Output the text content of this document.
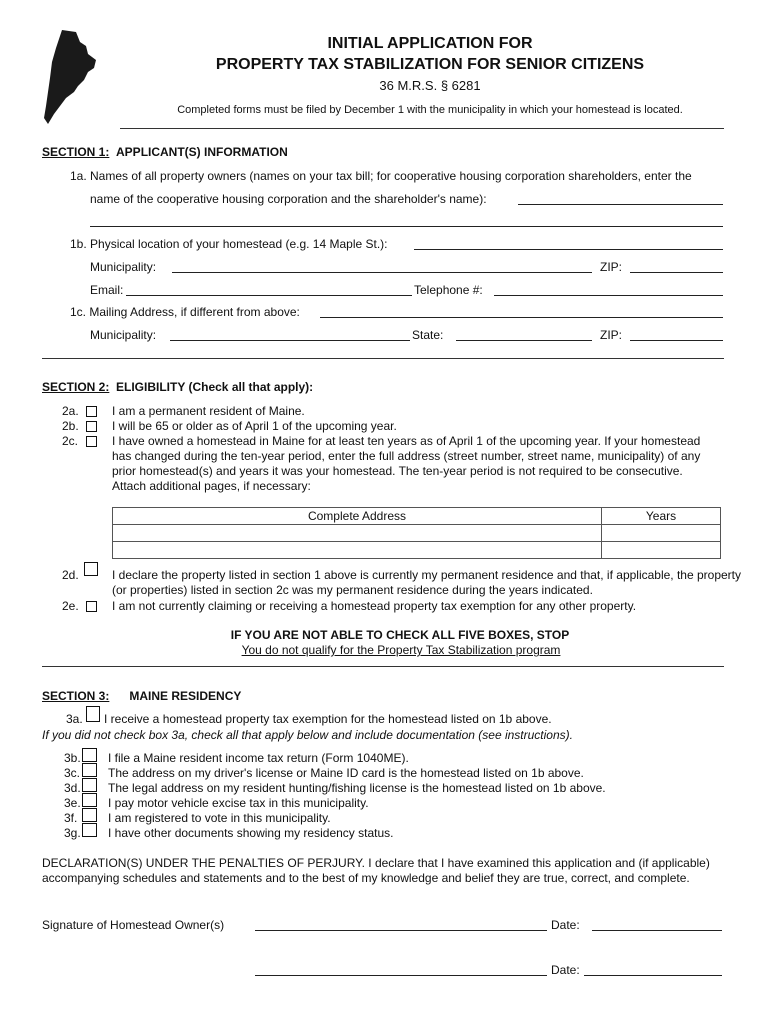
INITIAL APPLICATION FOR
PROPERTY TAX STABILIZATION FOR SENIOR CITIZENS
36 M.R.S. § 6281
Completed forms must be filed by December 1 with the municipality in which your homestead is located.
SECTION 1: APPLICANT(S) INFORMATION
1a. Names of all property owners (names on your tax bill; for cooperative housing corporation shareholders, enter the
name of the cooperative housing corporation and the shareholder's name):
1b. Physical location of your homestead (e.g. 14 Maple St.):
Municipality:	ZIP:
Email:	Telephone #:
1c. Mailing Address, if different from above:
Municipality:	State:	ZIP:
SECTION 2: ELIGIBILITY (Check all that apply):
2a.	I am a permanent resident of Maine.
2b.	I will be 65 or older as of April 1 of the upcoming year.
2c.	I have owned a homestead in Maine for at least ten years as of April 1 of the upcoming year. If your homestead has changed during the ten-year period, enter the full address (street number, street name, municipality) of any prior homestead(s) and years it was your homestead. The ten-year period is not required to be consecutive. Attach additional pages, if necessary:
Complete Address	Years

2d.	I declare the property listed in section 1 above is currently my permanent residence and that, if applicable, the property (or properties) listed in section 2c was my permanent residence during the years indicated.
2e.	I am not currently claiming or receiving a homestead property tax exemption for any other property.
IF YOU ARE NOT ABLE TO CHECK ALL FIVE BOXES, STOP
You do not qualify for the Property Tax Stabilization program
SECTION 3: MAINE RESIDENCY
3a. I receive a homestead property tax exemption for the homestead listed on 1b above.
If you did not check box 3a, check all that apply below and include documentation (see instructions).
3b. I file a Maine resident income tax return (Form 1040ME).
3c. The address on my driver's license or Maine ID card is the homestead listed on 1b above.
3d. The legal address on my resident hunting/fishing license is the homestead listed on 1b above.
3e. I pay motor vehicle excise tax in this municipality.
3f.	I am registered to vote in this municipality.
3g. I have other documents showing my residency status.
DECLARATION(S) UNDER THE PENALTIES OF PERJURY. I declare that I have examined this application and (if applicable) accompanying schedules and statements and to the best of my knowledge and belief they are true, correct, and complete.
Signature of Homestead Owner(s)	Date:
Date:
